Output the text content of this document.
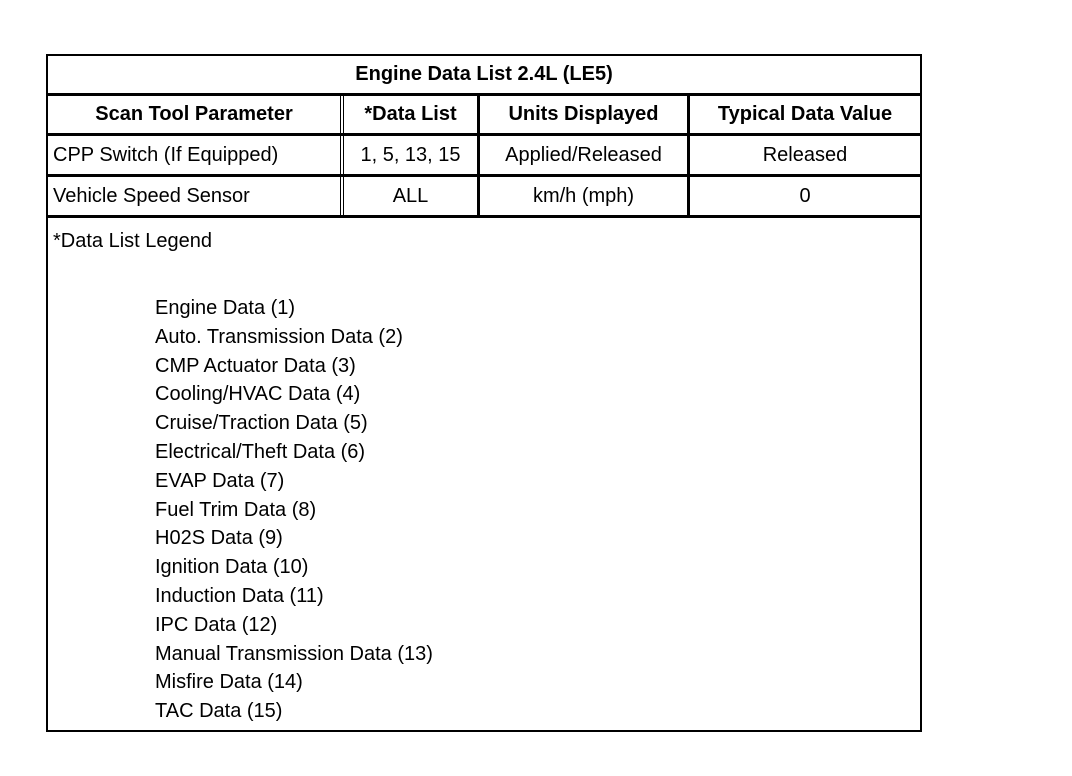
Engine Data List 2.4L (LE5)
Scan Tool Parameter	*Data List	Units Displayed	Typical Data Value
CPP Switch (If Equipped)	1, 5, 13, 15	Applied/Released	Released
Vehicle Speed Sensor	ALL	km/h (mph)	0
*Data List Legend
Engine Data (1)
Auto. Transmission Data (2)
CMP Actuator Data (3)
Cooling/HVAC Data (4)
Cruise/Traction Data (5)
Electrical/Theft Data (6)
EVAP Data (7)
Fuel Trim Data (8)
H02S Data (9)
Ignition Data (10)
Induction Data (11)
IPC Data (12)
Manual Transmission Data (13)
Misfire Data (14)
TAC Data (15)
